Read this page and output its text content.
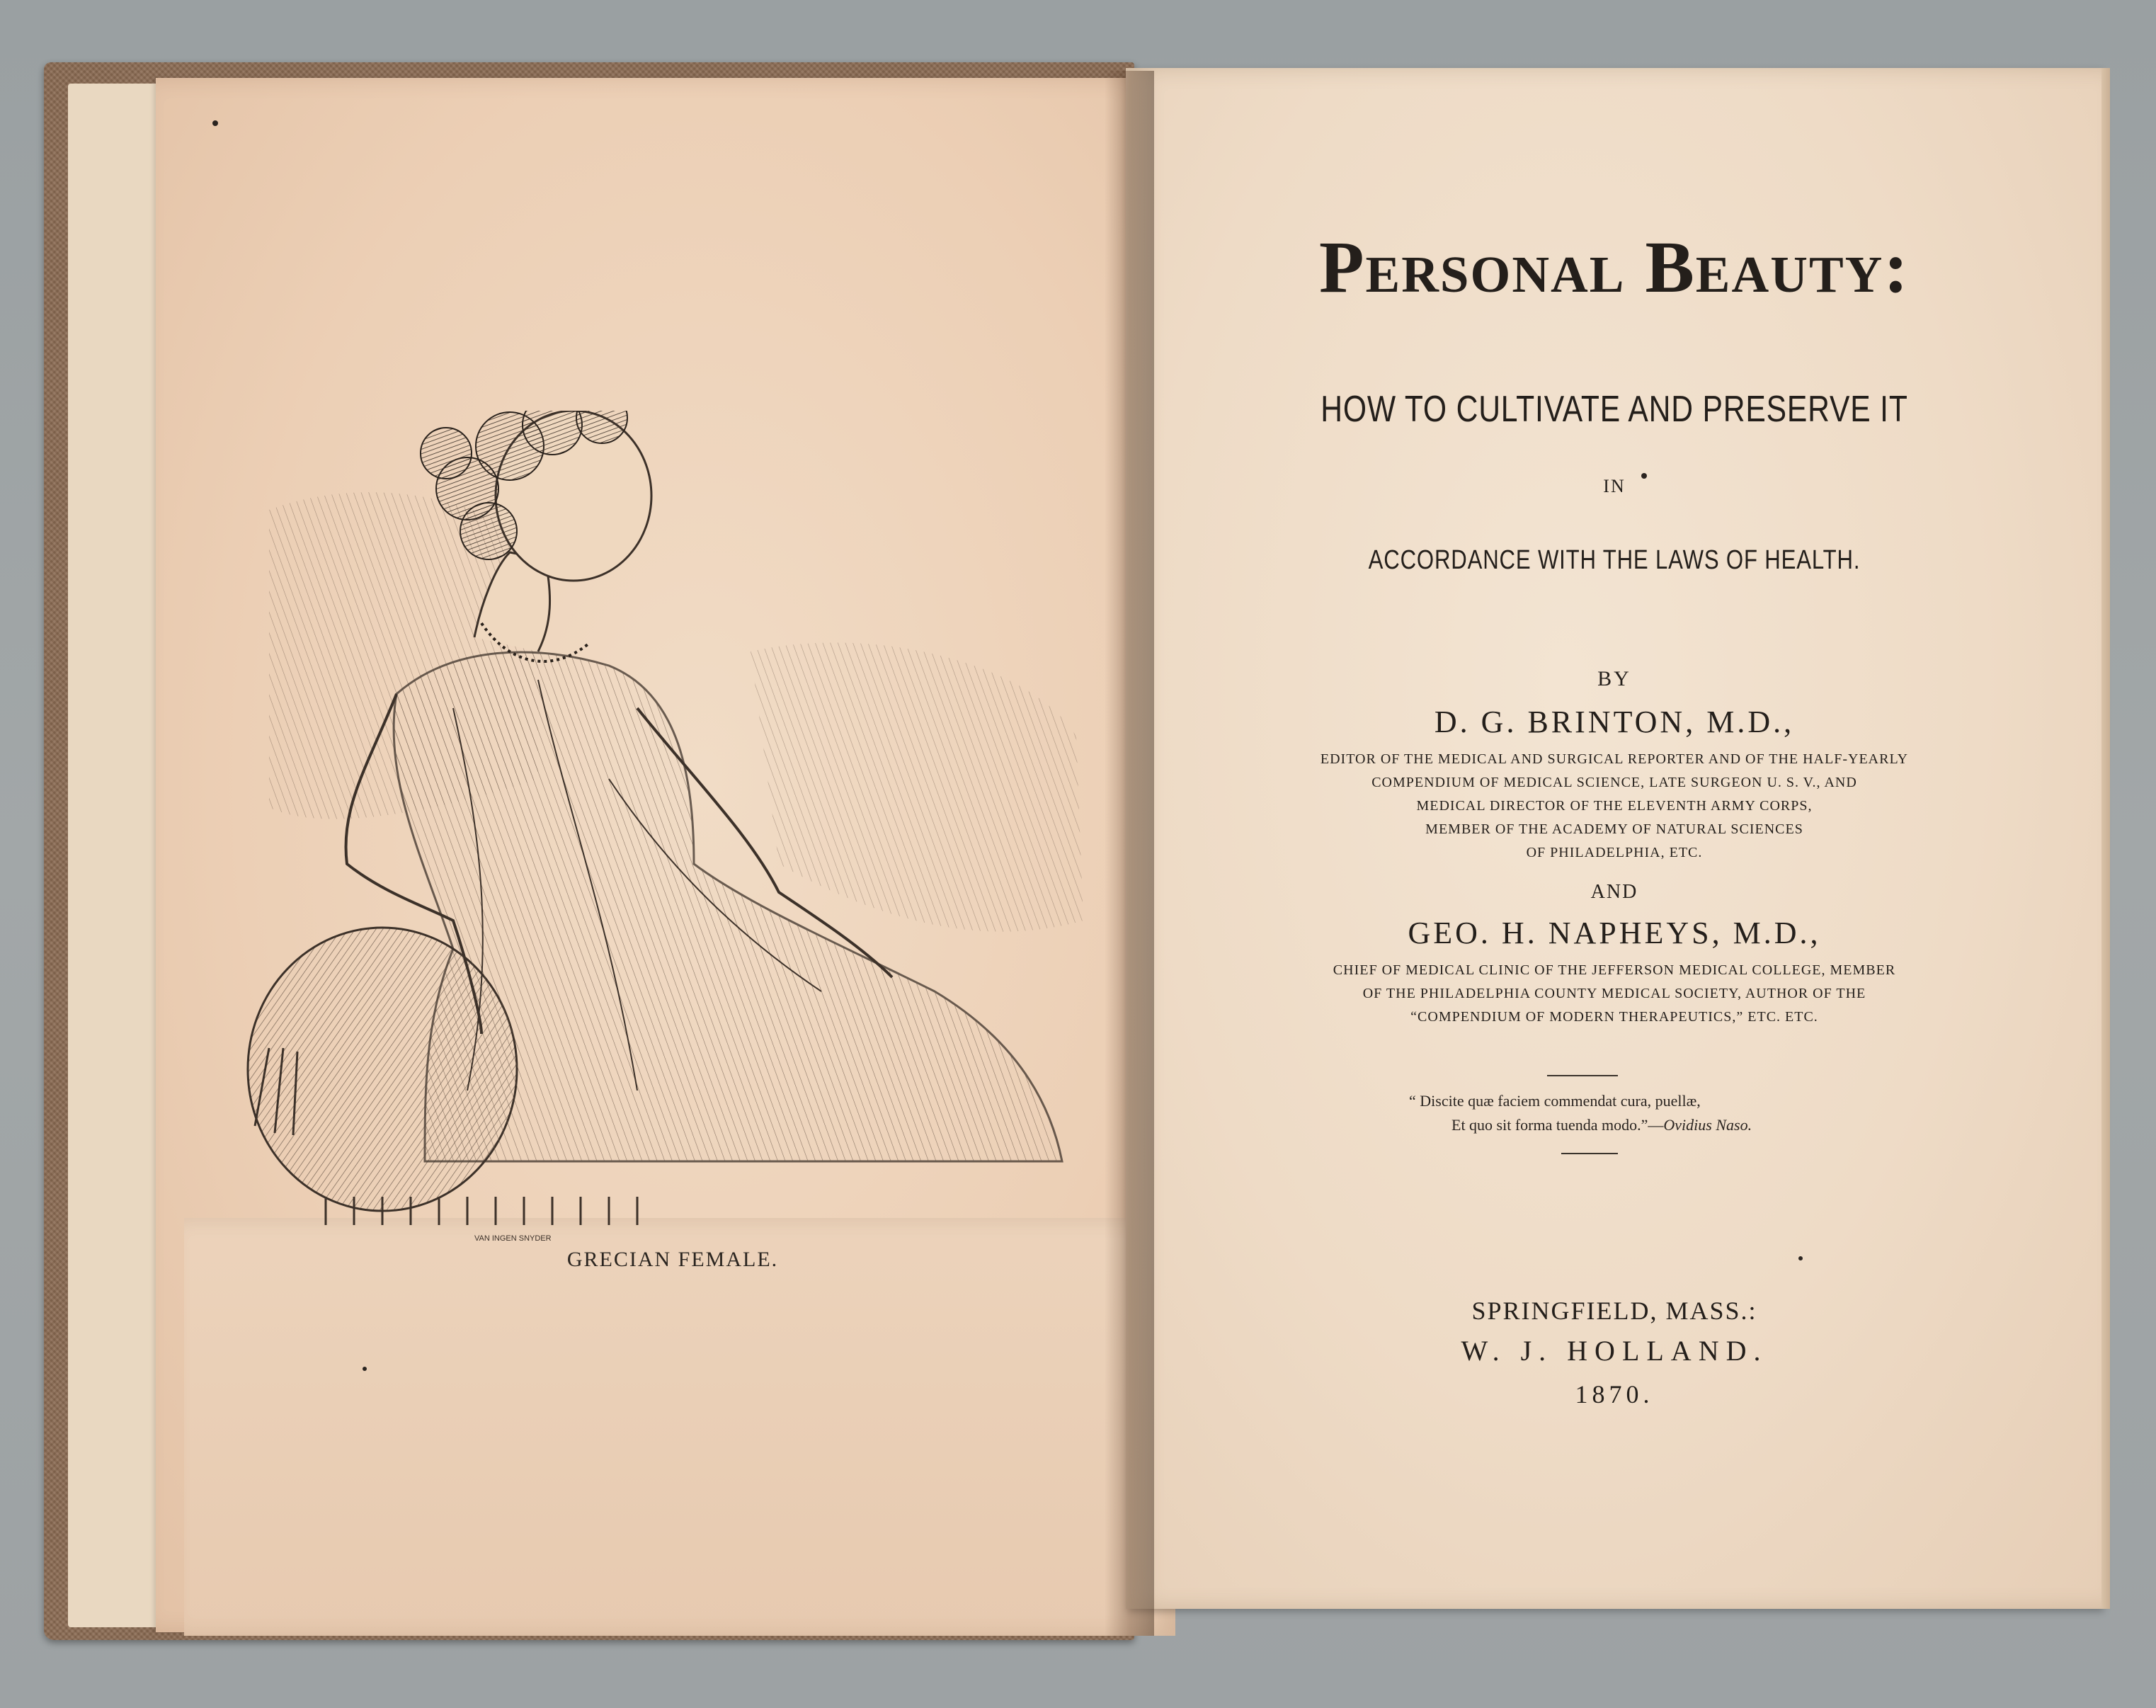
VAN INGEN SNYDER
GRECIAN FEMALE.
Personal Beauty:
HOW TO CULTIVATE AND PRESERVE IT
IN
ACCORDANCE WITH THE LAWS OF HEALTH.
BY
D. G. BRINTON, M.D.,
EDITOR OF THE MEDICAL AND SURGICAL REPORTER AND OF THE HALF-YEARLY
COMPENDIUM OF MEDICAL SCIENCE, LATE SURGEON U. S. V., AND
MEDICAL DIRECTOR OF THE ELEVENTH ARMY CORPS,
MEMBER OF THE ACADEMY OF NATURAL SCIENCES
OF PHILADELPHIA, ETC.
AND
GEO. H. NAPHEYS, M.D.,
CHIEF OF MEDICAL CLINIC OF THE JEFFERSON MEDICAL COLLEGE, MEMBER
OF THE PHILADELPHIA COUNTY MEDICAL SOCIETY, AUTHOR OF THE
“COMPENDIUM OF MODERN THERAPEUTICS,” ETC. ETC.
“ Discite quæ faciem commendat cura, puellæ,
Et quo sit forma tuenda modo.”—Ovidius Naso.
SPRINGFIELD, MASS.:
W. J. HOLLAND.
1870.
